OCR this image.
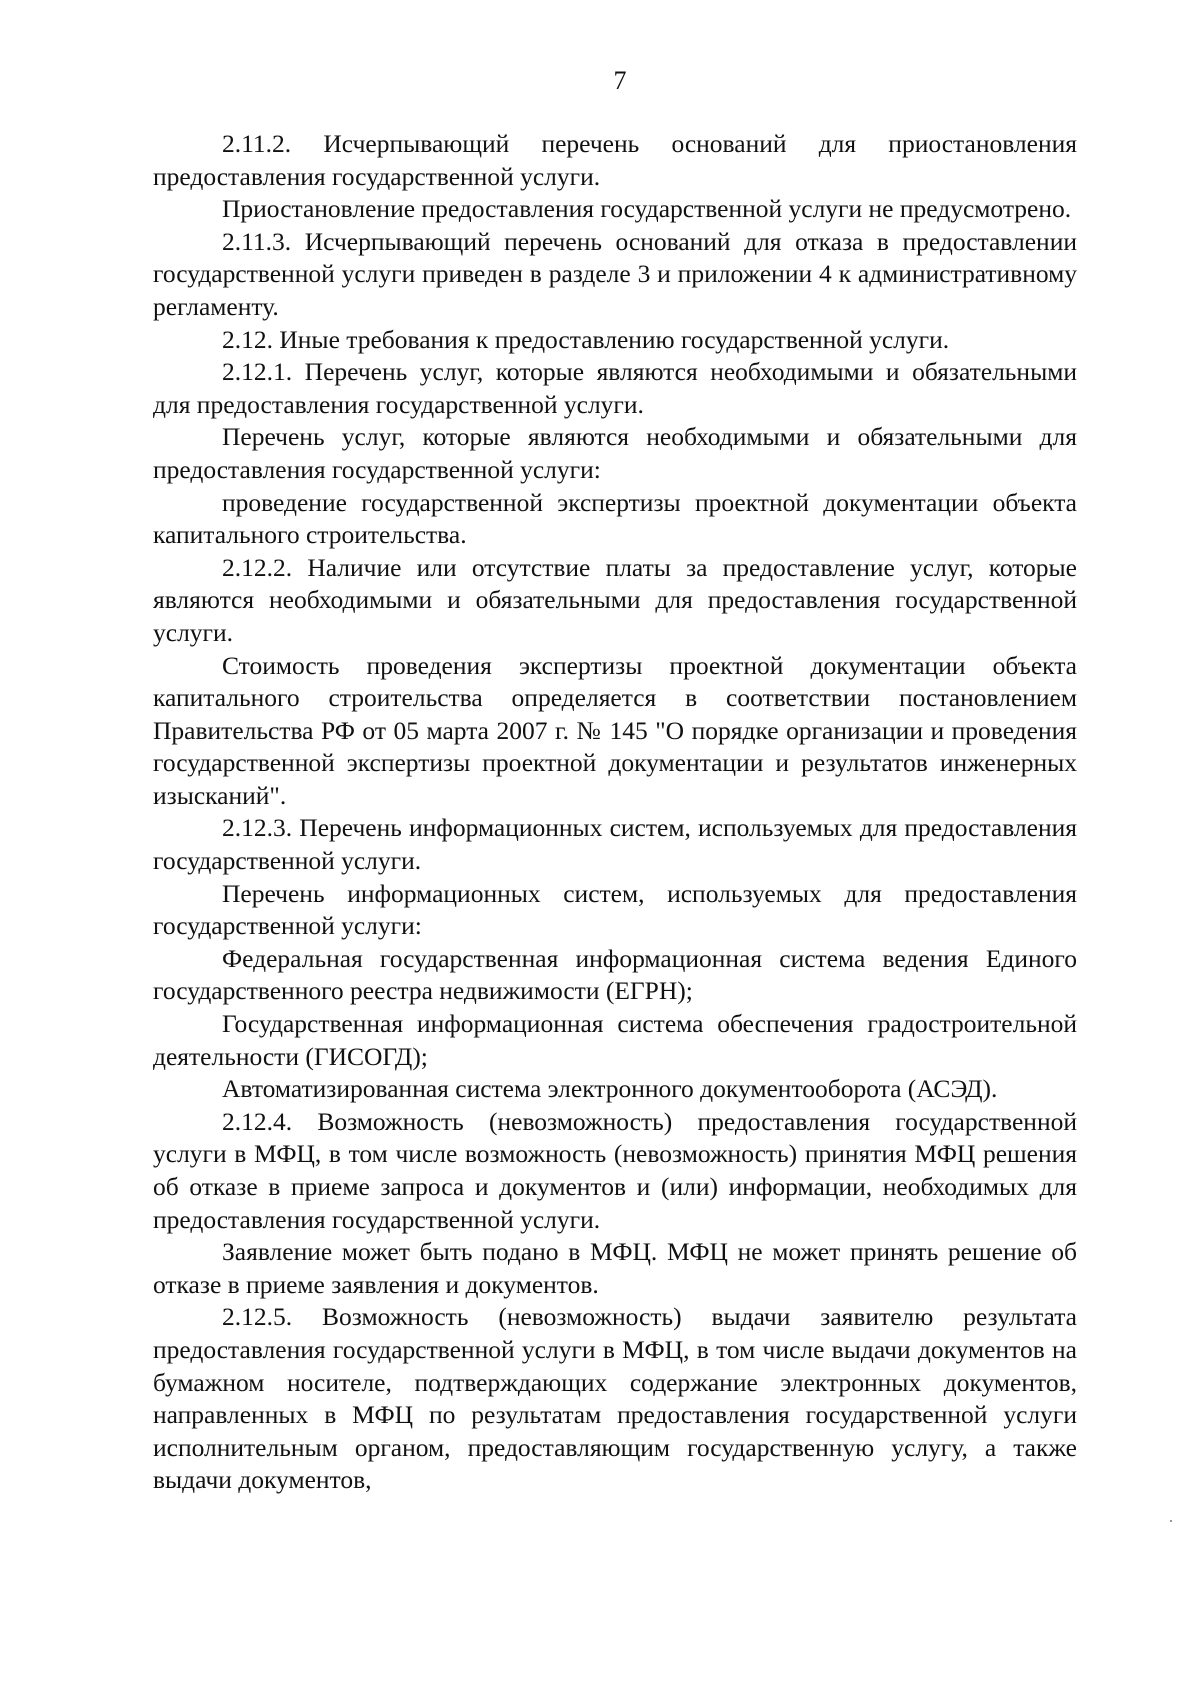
7

2.11.2. Исчерпывающий перечень оснований для приостановления предоставления государственной услуги.

Приостановление предоставления государственной услуги не предусмотрено.

2.11.3. Исчерпывающий перечень оснований для отказа в предоставлении государственной услуги приведен в разделе 3 и приложении 4 к административному регламенту.

2.12. Иные требования к предоставлению государственной услуги.

2.12.1. Перечень услуг, которые являются необходимыми и обязательными для предоставления государственной услуги.

Перечень услуг, которые являются необходимыми и обязательными для предоставления государственной услуги:

проведение государственной экспертизы проектной документации объекта капитального строительства.

2.12.2. Наличие или отсутствие платы за предоставление услуг, которые являются необходимыми и обязательными для предоставления государственной услуги.

Стоимость проведения экспертизы проектной документации объекта капитального строительства определяется в соответствии постановлением Правительства РФ от 05 марта 2007 г. № 145 "О порядке организации и проведения государственной экспертизы проектной документации и результатов инженерных изысканий".

2.12.3. Перечень информационных систем, используемых для предоставления государственной услуги.

Перечень информационных систем, используемых для предоставления государственной услуги:

Федеральная государственная информационная система ведения Единого государственного реестра недвижимости (ЕГРН);

Государственная информационная система обеспечения градостроительной деятельности (ГИСОГД);

Автоматизированная система электронного документооборота (АСЭД).

2.12.4. Возможность (невозможность) предоставления государственной услуги в МФЦ, в том числе возможность (невозможность) принятия МФЦ решения об отказе в приеме запроса и документов и (или) информации, необходимых для предоставления государственной услуги.

Заявление может быть подано в МФЦ. МФЦ не может принять решение об отказе в приеме заявления и документов.

2.12.5. Возможность (невозможность) выдачи заявителю результата предоставления государственной услуги в МФЦ, в том числе выдачи документов на бумажном носителе, подтверждающих содержание электронных документов, направленных в МФЦ по результатам предоставления государственной услуги исполнительным органом, предоставляющим государственную услугу, а также выдачи документов,
